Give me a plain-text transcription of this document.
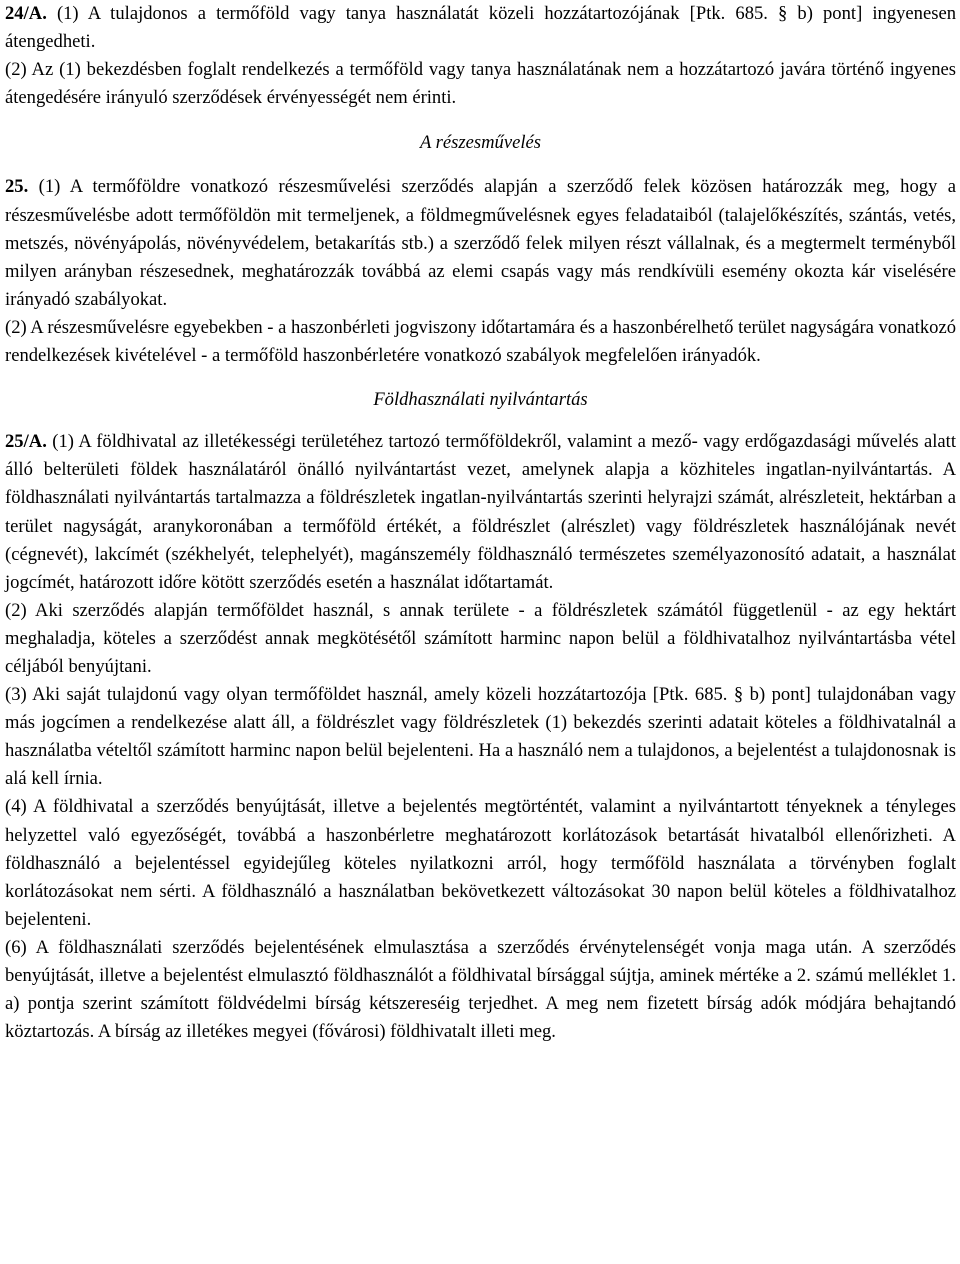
24/A. (1) A tulajdonos a termőföld vagy tanya használatát közeli hozzátartozójának [Ptk. 685. § b) pont] ingyenesen átengedheti.

(2) Az (1) bekezdésben foglalt rendelkezés a termőföld vagy tanya használatának nem a hozzátartozó javára történő ingyenes átengedésére irányuló szerződések érvényességét nem érinti.

A részesművelés

25. (1) A termőföldre vonatkozó részesművelési szerződés alapján a szerződő felek közösen határozzák meg, hogy a részesművelésbe adott termőföldön mit termeljenek, a földmegművelésnek egyes feladataiból (talajelőkészítés, szántás, vetés, metszés, növényápolás, növényvédelem, betakarítás stb.) a szerződő felek milyen részt vállalnak, és a megtermelt terményből milyen arányban részesednek, meghatározzák továbbá az elemi csapás vagy más rendkívüli esemény okozta kár viselésére irányadó szabályokat.

(2) A részesművelésre egyebekben - a haszonbérleti jogviszony időtartamára és a haszonbérelhető terület nagyságára vonatkozó rendelkezések kivételével - a termőföld haszonbérletére vonatkozó szabályok megfelelően irányadók.

Földhasználati nyilvántartás

25/A. (1) A földhivatal az illetékességi területéhez tartozó termőföldekről, valamint a mező- vagy erdőgazdasági művelés alatt álló belterületi földek használatáról önálló nyilvántartást vezet, amelynek alapja a közhiteles ingatlan-nyilvántartás. A földhasználati nyilvántartás tartalmazza a földrészletek ingatlan-nyilvántartás szerinti helyrajzi számát, alrészleteit, hektárban a terület nagyságát, aranykoronában a termőföld értékét, a földrészlet (alrészlet) vagy földrészletek használójának nevét (cégnevét), lakcímét (székhelyét, telephelyét), magánszemély földhasználó természetes személyazonosító adatait, a használat jogcímét, határozott időre kötött szerződés esetén a használat időtartamát.

(2) Aki szerződés alapján termőföldet használ, s annak területe - a földrészletek számától függetlenül - az egy hektárt meghaladja, köteles a szerződést annak megkötésétől számított harminc napon belül a földhivatalhoz nyilvántartásba vétel céljából benyújtani.

(3) Aki saját tulajdonú vagy olyan termőföldet használ, amely közeli hozzátartozója [Ptk. 685. § b) pont] tulajdonában vagy más jogcímen a rendelkezése alatt áll, a földrészlet vagy földrészletek (1) bekezdés szerinti adatait köteles a földhivatalnál a használatba vételtől számított harminc napon belül bejelenteni. Ha a használó nem a tulajdonos, a bejelentést a tulajdonosnak is alá kell írnia.

(4) A földhivatal a szerződés benyújtását, illetve a bejelentés megtörténtét, valamint a nyilvántartott tényeknek a tényleges helyzettel való egyezőségét, továbbá a haszonbérletre meghatározott korlátozások betartását hivatalból ellenőrizheti. A földhasználó a bejelentéssel egyidejűleg köteles nyilatkozni arról, hogy termőföld használata a törvényben foglalt korlátozásokat nem sérti. A földhasználó a használatban bekövetkezett változásokat 30 napon belül köteles a földhivatalhoz bejelenteni.

(6) A földhasználati szerződés bejelentésének elmulasztása a szerződés érvénytelenségét vonja maga után. A szerződés benyújtását, illetve a bejelentést elmulasztó földhasználót a földhivatal bírsággal sújtja, aminek mértéke a 2. számú melléklet 1. a) pontja szerint számított földvédelmi bírság kétszereséig terjedhet. A meg nem fizetett bírság adók módjára behajtandó köztartozás. A bírság az illetékes megyei (fővárosi) földhivatalt illeti meg.
